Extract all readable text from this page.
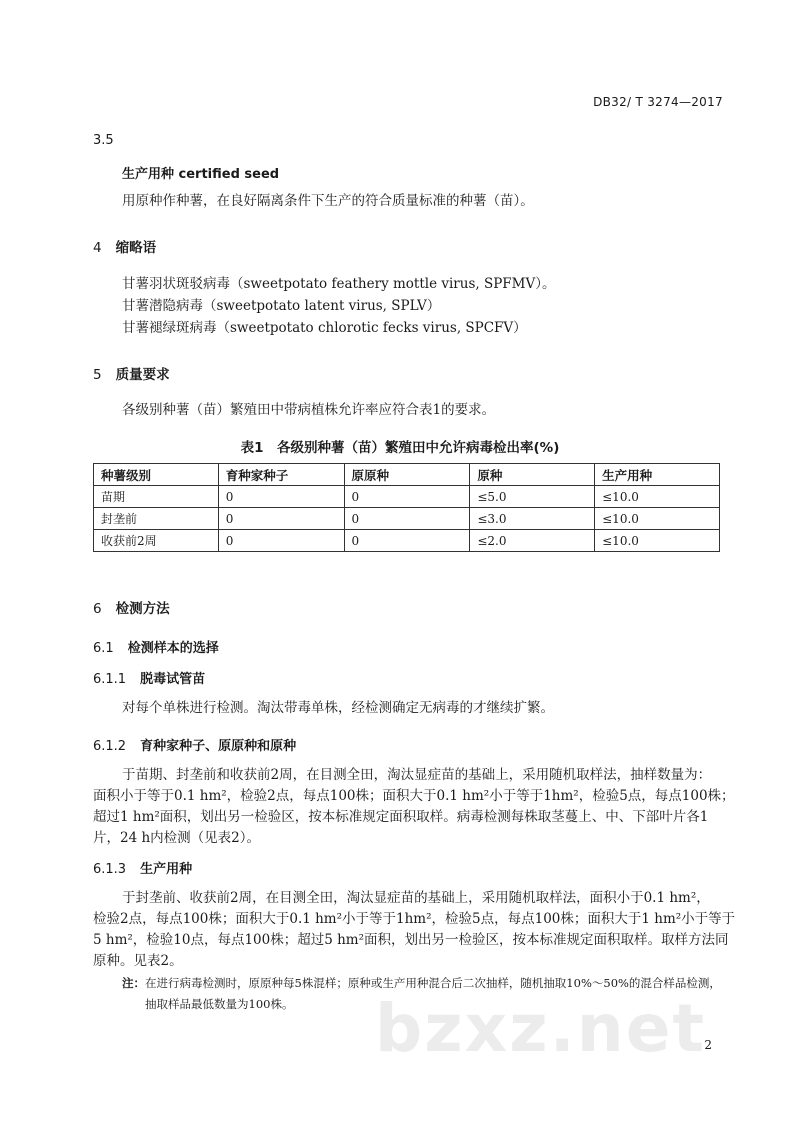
DB32/ T 3274—2017
3.5
生产用种 certified seed
用原种作种薯，在良好隔离条件下生产的符合质量标准的种薯（苗）。
4 缩略语
甘薯羽状斑驳病毒（sweetpotato feathery mottle virus, SPFMV）。
甘薯潜隐病毒（sweetpotato latent virus, SPLV）
甘薯褪绿斑病毒（sweetpotato chlorotic fecks virus, SPCFV）
5 质量要求
各级别种薯（苗）繁殖田中带病植株允许率应符合表1的要求。
表1　各级别种薯（苗）繁殖田中允许病毒检出率(%)
种薯级别	育种家种子	原原种	原种	生产用种
苗期	0	0	≤5.0	≤10.0
封垄前	0	0	≤3.0	≤10.0
收获前2周	0	0	≤2.0	≤10.0
6 检测方法
6.1 检测样本的选择
6.1.1 脱毒试管苗
对每个单株进行检测。淘汰带毒单株，经检测确定无病毒的才继续扩繁。
6.1.2 育种家种子、原原种和原种
于苗期、封垄前和收获前2周，在目测全田，淘汰显症苗的基础上，采用随机取样法，抽样数量为：
面积小于等于0.1 hm²，检验2点，每点100株；面积大于0.1 hm²小于等于1hm²，检验5点，每点100株；
超过1 hm²面积，划出另一检验区，按本标准规定面积取样。病毒检测每株取茎蔓上、中、下部叶片各1
片，24 h内检测（见表2）。
6.1.3 生产用种
于封垄前、收获前2周，在目测全田，淘汰显症苗的基础上，采用随机取样法，面积小于0.1 hm²，
检验2点，每点100株；面积大于0.1 hm²小于等于1hm²，检验5点，每点100株；面积大于1 hm²小于等于
5 hm²，检验10点，每点100株；超过5 hm²面积，划出另一检验区，按本标准规定面积取样。取样方法同
原种。见表2。
注：在进行病毒检测时，原原种每5株混样；原种或生产用种混合后二次抽样，随机抽取10%～50%的混合样品检测，
抽取样品最低数量为100株。 bzxz.net
2
